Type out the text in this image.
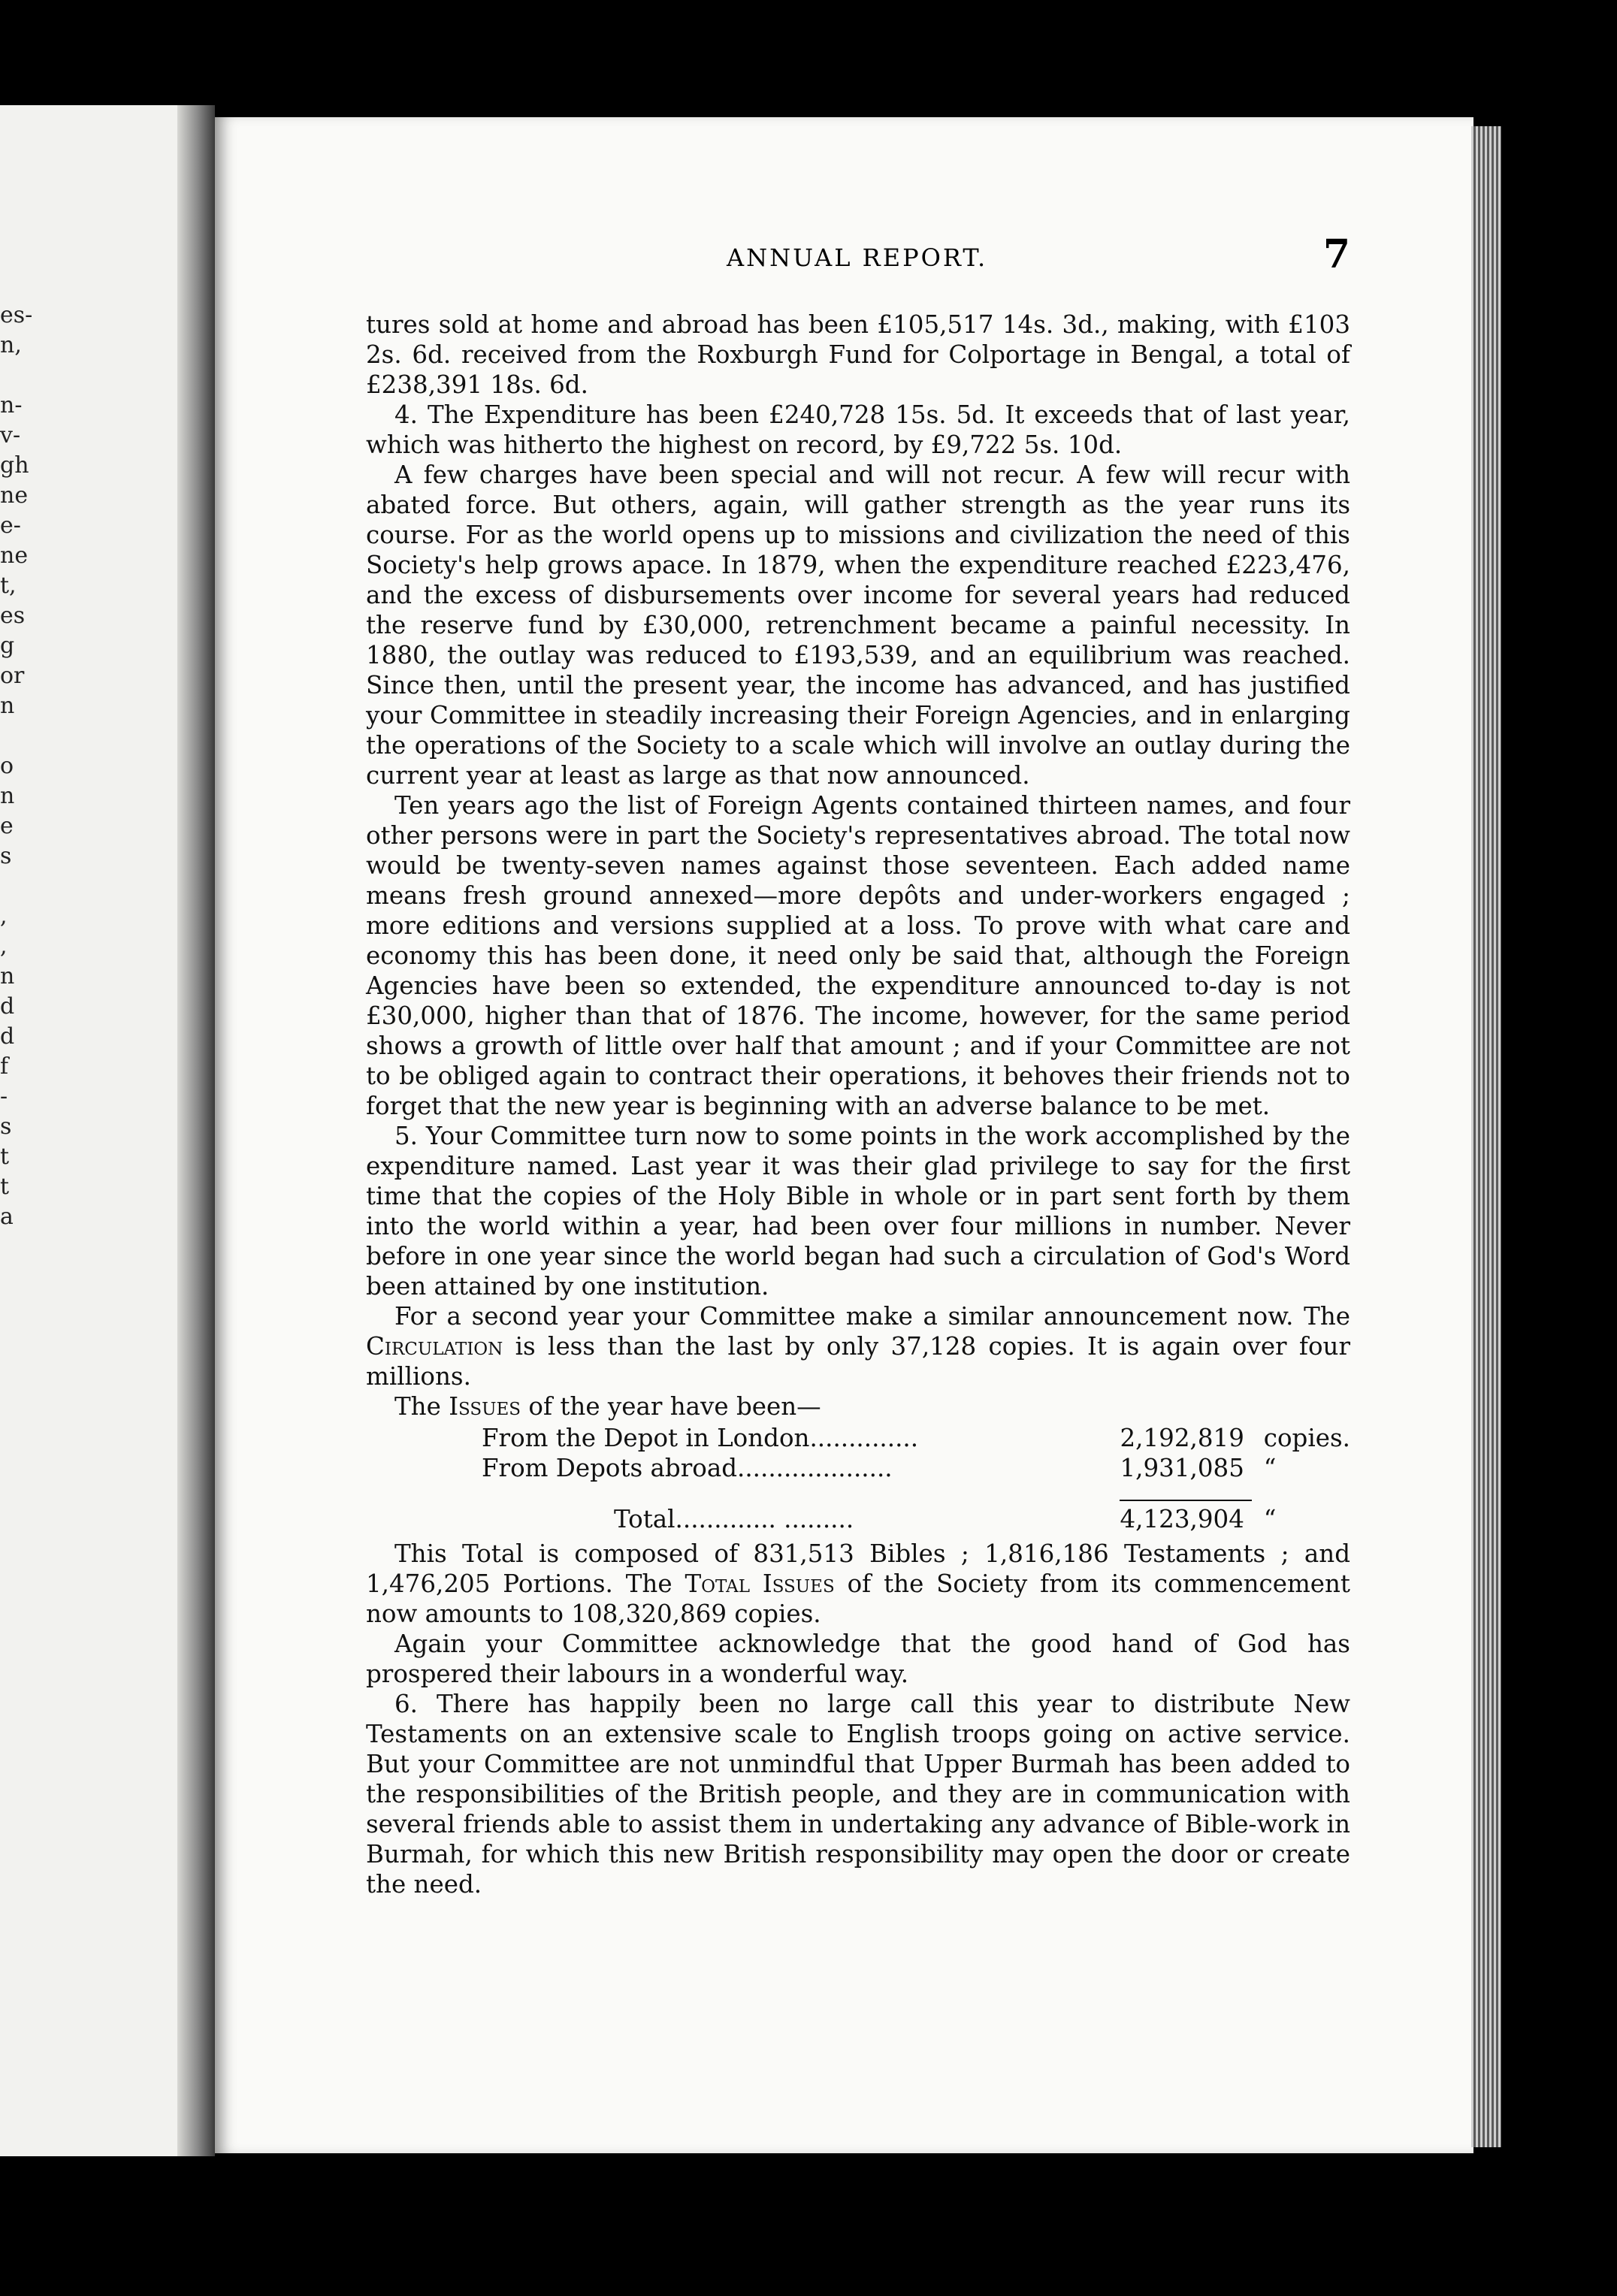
es-
n,
n-
v-
gh
ne
e-
ne
t,
es
g
or
n
o
n
e
s
,
,
n
d
d
f
-
s
t
t
a
ANNUAL REPORT.	7

tures sold at home and abroad has been £105,517 14s. 3d., making, with £103 2s. 6d. received from the Roxburgh Fund for Colportage in Bengal, a total of £238,391 18s. 6d.

4. The Expenditure has been £240,728 15s. 5d. It exceeds that of last year, which was hitherto the highest on record, by £9,722 5s. 10d.

A few charges have been special and will not recur. A few will recur with abated force. But others, again, will gather strength as the year runs its course. For as the world opens up to missions and civilization the need of this Society's help grows apace. In 1879, when the expenditure reached £223,476, and the excess of disbursements over income for several years had reduced the reserve fund by £30,000, retrenchment became a painful necessity. In 1880, the outlay was reduced to £193,539, and an equilibrium was reached. Since then, until the present year, the income has advanced, and has justified your Committee in steadily increasing their Foreign Agencies, and in enlarging the operations of the Society to a scale which will involve an outlay during the current year at least as large as that now announced.

Ten years ago the list of Foreign Agents contained thirteen names, and four other persons were in part the Society's representatives abroad. The total now would be twenty-seven names against those seventeen. Each added name means fresh ground annexed—more depôts and under-workers engaged ; more editions and versions supplied at a loss. To prove with what care and economy this has been done, it need only be said that, although the Foreign Agencies have been so extended, the expenditure announced to-day is not £30,000, higher than that of 1876. The income, however, for the same period shows a growth of little over half that amount ; and if your Committee are not to be obliged again to contract their operations, it behoves their friends not to forget that the new year is beginning with an adverse balance to be met.

5. Your Committee turn now to some points in the work accomplished by the expenditure named. Last year it was their glad privilege to say for the first time that the copies of the Holy Bible in whole or in part sent forth by them into the world within a year, had been over four millions in number. Never before in one year since the world began had such a circulation of God's Word been attained by one institution.

For a second year your Committee make a similar announcement now. The Circulation is less than the last by only 37,128 copies. It is again over four millions.

The Issues of the year have been—

From the Depot in London..............	2,192,819	copies.
From Depots abroad....................	1,931,085	“
Total............. .........	4,123,904	“

This Total is composed of 831,513 Bibles ; 1,816,186 Testaments ; and 1,476,205 Portions. The Total Issues of the Society from its commencement now amounts to 108,320,869 copies.

Again your Committee acknowledge that the good hand of God has prospered their labours in a wonderful way.

6. There has happily been no large call this year to distribute New Testaments on an extensive scale to English troops going on active service. But your Committee are not unmindful that Upper Burmah has been added to the responsibilities of the British people, and they are in communication with several friends able to assist them in undertaking any advance of Bible-work in Burmah, for which this new British responsibility may open the door or create the need.
